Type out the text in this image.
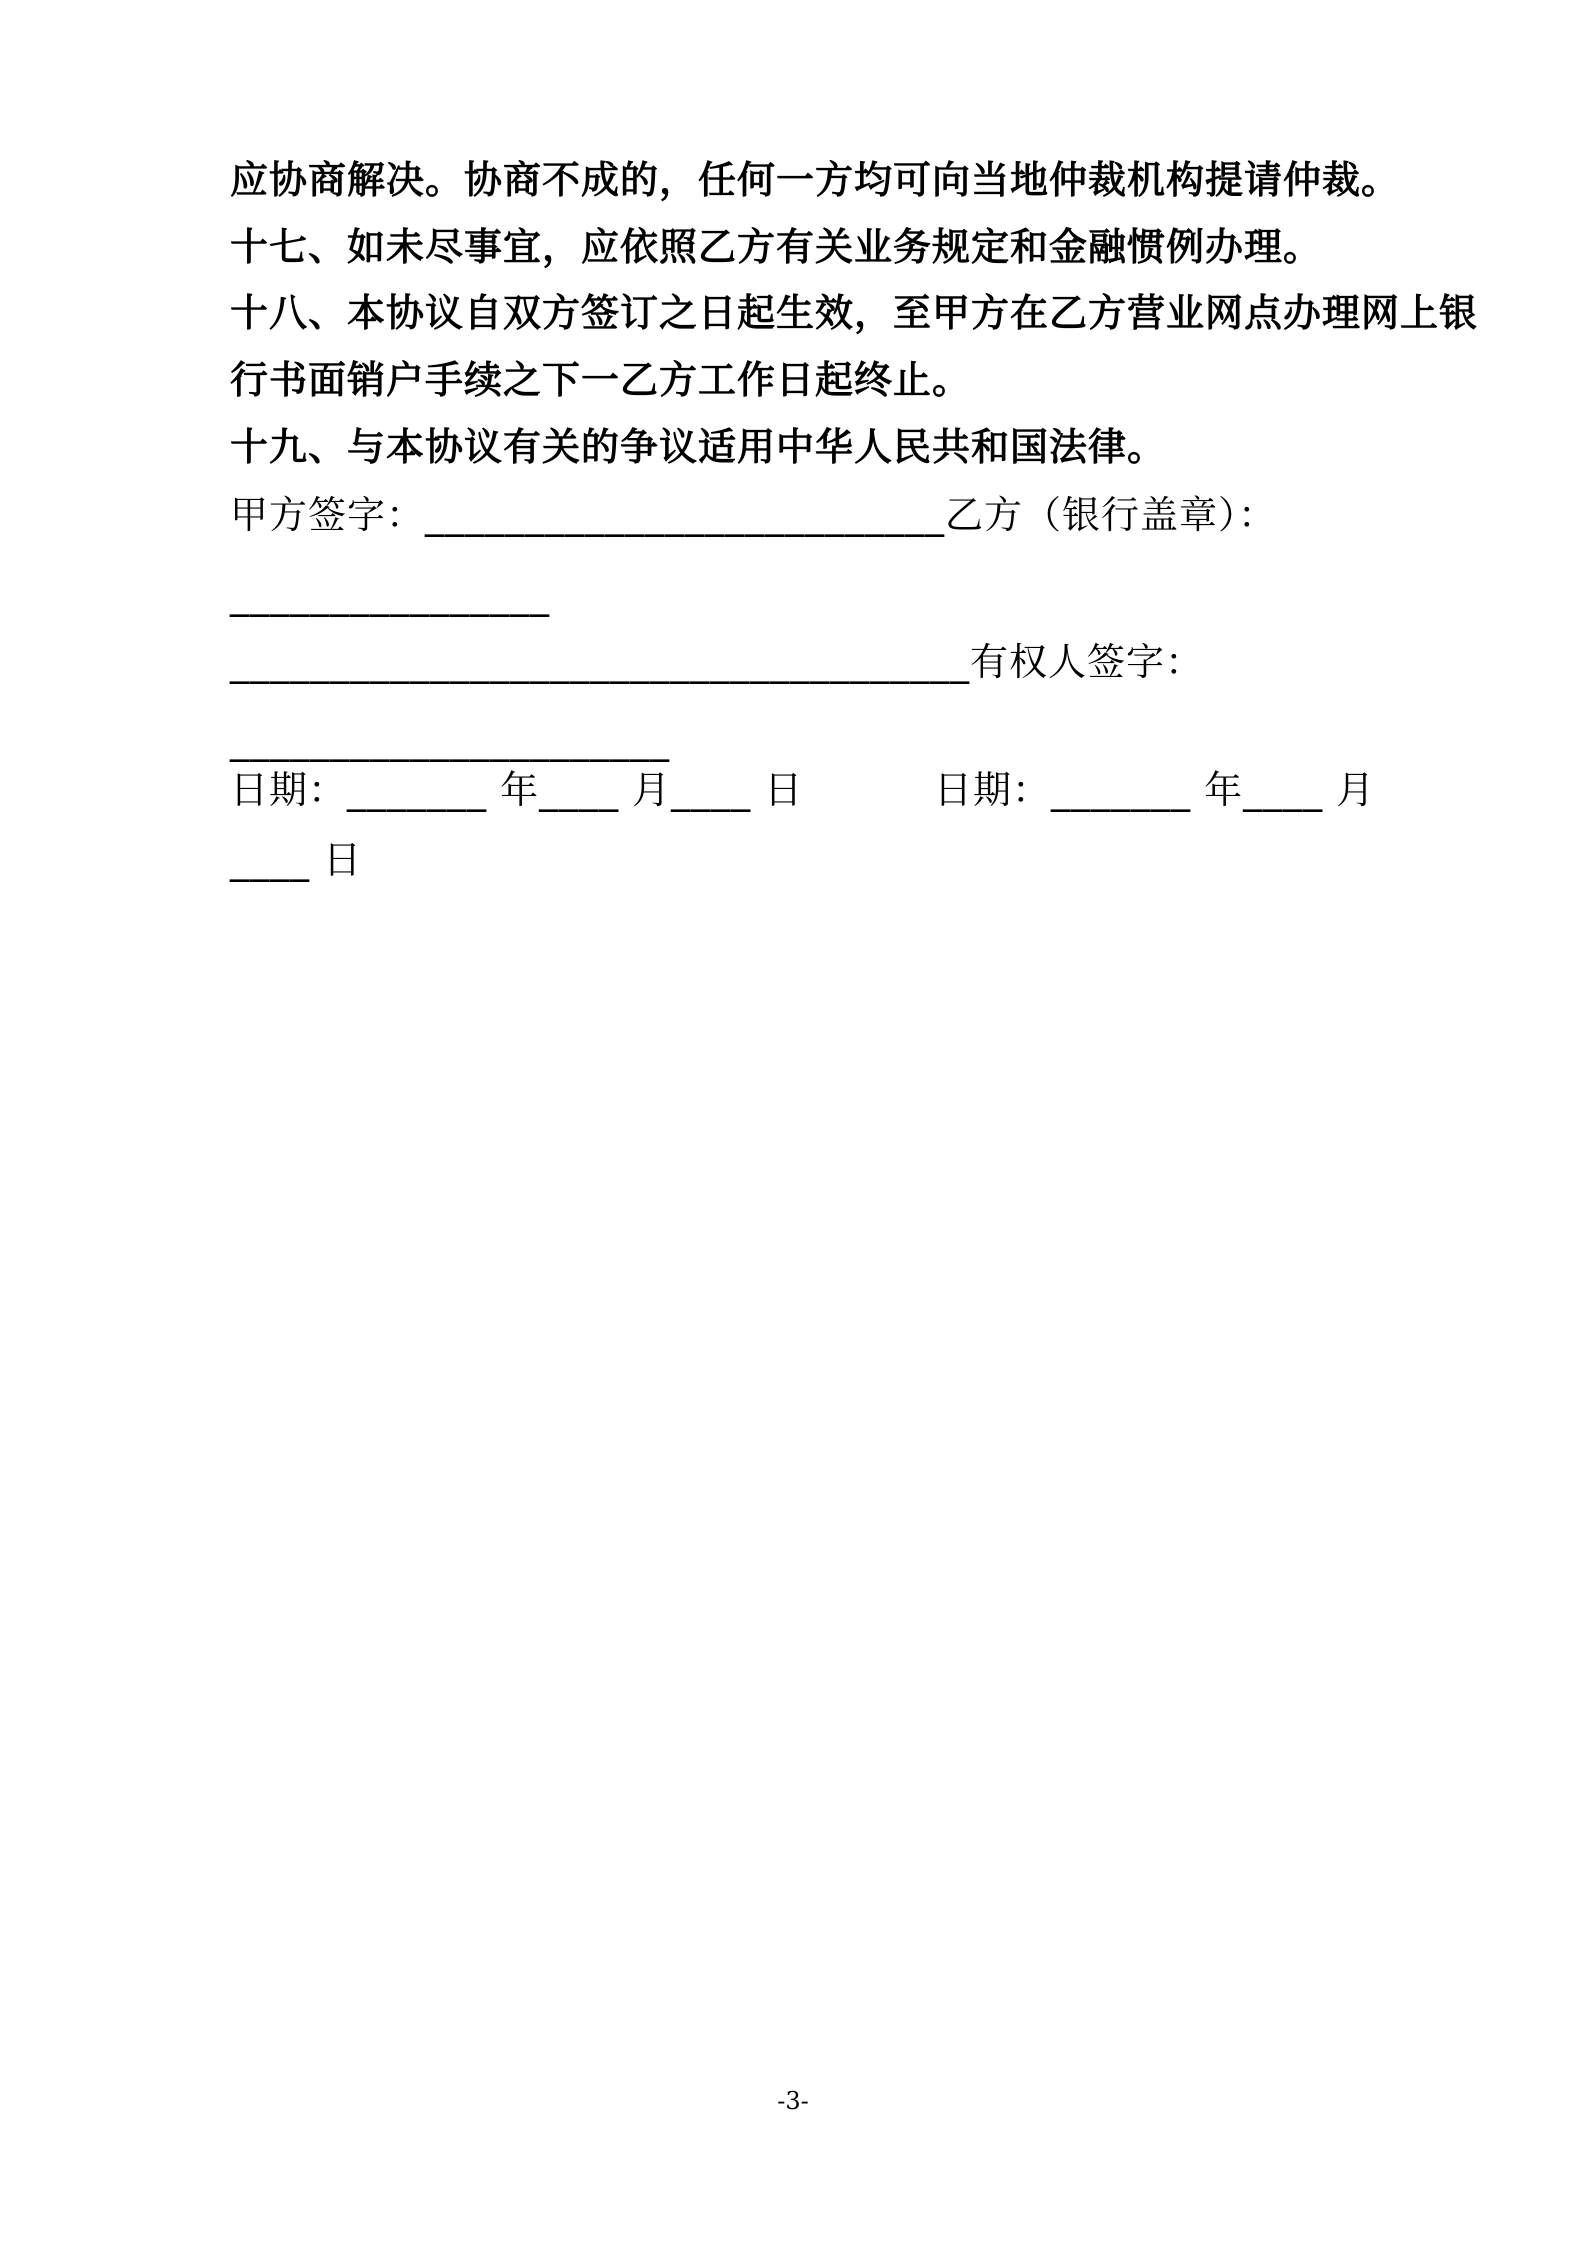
应协商解决。协商不成的，任何一方均可向当地仲裁机构提请仲裁。
十七、如未尽事宜，应依照乙方有关业务规定和金融惯例办理。
十八、本协议自双方签订之日起生效，至甲方在乙方营业网点办理网上银
行书面销户手续之下一乙方工作日起终止。
十九、与本协议有关的争议适用中华人民共和国法律。
甲方签字：__________________________乙方（银行盖章）：
________________
_____________________________________有权人签字：
______________________
日期：_______ 年____ 月____ 日          日期：_______ 年____ 月
____ 日
-3-
